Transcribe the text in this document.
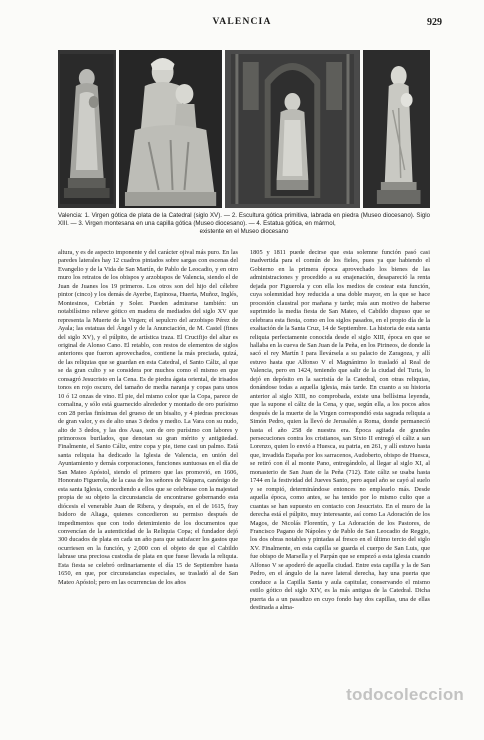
VALENCIA	929
Valencia: 1. Virgen gótica de plata de la Catedral (siglo XV). — 2. Escultura gótica primitiva, labrada en piedra (Museo diocesano). Siglo XIII. — 3. Virgen montesana en una capilla gótica (Museo diocesano). — 4. Estatua gótica, en mármol,
existente en el Museo diocesano
altura, y es de aspecto imponente y del carácter ojival más puro. En las paredes laterales hay 12 cuadros pintados sobre sargas con escenas del Evangelio y de la Vida de San Martín, de Pablo de Leocadio, y en otro muro los retratos de los obispos y arzobispos de Valencia, siendo el de Juan de Juanes los 19 primeros. Los otros son del hijo del célebre pintor (cinco) y los demás de Ayerbe, Espinosa, Huerta, Muñoz, Inglés, Montesinos, Cebrián y Soler. Pueden admirarse también: un notabilísimo relieve gótico en madera de mediados del siglo XV que representa la Muerte de la Virgen; el sepulcro del arzobispo Pérez de Ayala; las estatuas del Ángel y de la Anunciación, de M. Castel (fines del siglo XV), y el púlpito, de artística traza. El Crucifijo del altar es original de Alonso Cano. El retablo, con restos de elementos de siglos anteriores que fueron aprovechados, contiene la más preciada, quizá, de las reliquias que se guardan en esta Catedral, el Santo Cáliz, al que se da gran culto y se considera por muchos como el mismo en que consagró Jesucristo en la Cena. Es de piedra ágata oriental, de irisados tonos en rojo oscuro, del tamaño de media naranja y copas para unos 10 ó 12 onzas de vino. El pie, del mismo color que la Copa, parece de cornalina, y sólo está guarnecido alrededor y montado de oro purísimo con 28 perlas finísimas del grueso de un bisalto, y 4 piedras preciosas de gran valor, y es de alto unas 3 dedos y medio. La Vara con su nudo, alto de 3 dedos, y las dos Asas, son de oro purísimo con labores y primorosos burilados, que denotan su gran mérito y antigüedad. Finalmente, el Santo Cáliz, entre copa y pie, tiene casi un palmo. Está santa reliquia ha dedicado la Iglesia de Valencia, en unión del Ayuntamiento y demás corporaciones, funciones suntuosas en el día de San Mateo Apóstol, siendo el primero que las promovió, en 1606, Honorato Figuerola, de la casa de los señores de Náquera, canónigo de esta santa Iglesia, concediendo a ellos que se celebrase con la majestad propia de su objeto la circunstancia de encontrarse gobernando esta diócesis el venerable Juan de Ribera, y después, en el de 1615, fray Isidoro de Aliaga, quienes concedieron su permiso después de impedimentos que con todo detenimiento de los documentos que convencían de la autenticidad de la Reliquia Copa; el fundador dejó 300 ducados de plata en cada un año para que satisfacer los gastos que ocurriesen en la función, y 2,000 con el objeto de que el Cabildo labrase una preciosa custodia de plata en que fuese llevada la reliquia. Esta fiesta se celebró ordinariamente el día 15 de Septiembre hasta 1650, en que, por circunstancias especiales, se trasladó al de San Mateo Apóstol; pero en las ocurrencias de los años
1805 y 1811 puede decirse que esta solemne función pasó casi inadvertida para el común de los fieles, pues ya que habiendo el Gobierno en la primera época aprovechado los bienes de las administraciones y procedido a su enajenación, desapareció la renta dejada por Figuerola y con ella los medios de costear esta función, cuya solemnidad hoy reducida a una doble mayor, en la que se hace procesión claustral por mañana y tarde; más aun motivo de haberse suprimido la media fiesta de San Mateo, el Cabildo dispuso que se celebrara esta fiesta, como en los siglos pasados, en el propio día de la exaltación de la Santa Cruz, 14 de Septiembre. La historia de esta santa reliquia perfectamente conocida desde el siglo XIII, época en que se hallaba en la cueva de San Juan de la Peña, en los Pirineos, de donde la sacó el rey Martín I para llevársela a su palacio de Zaragoza, y allí estuvo hasta que Alfonso V el Magnánimo lo trasladó al Real de Valencia, pero en 1424, teniendo que salir de la ciudad del Turia, lo dejó en depósito en la sacristía de la Catedral, con otras reliquias, donándose todas a aquella iglesia, más tarde. En cuanto a su historia anterior al siglo XIII, no comprobada, existe una bellísima leyenda, que la supone el cáliz de la Cena, y que, según ella, a los pocos años después de la muerte de la Virgen correspondió esta sagrada reliquia a Simón Pedro, quien la llevó de Jerusalén a Roma, donde permaneció hasta el año 258 de nuestra era. Época agitada de grandes persecuciones contra los cristianos, san Sixto II entregó el cáliz a san Lorenzo, quien lo envió a Huesca, su patria, en 261, y allí estuvo hasta que, invadida España por los sarracenos, Audoberto, obispo de Huesca, se retiró con él al monte Pano, entregándolo, al llegar al siglo XI, al monasterio de San Juan de la Peña (712). Este cáliz se usaba hasta 1744 en la festividad del Jueves Santo, pero aquel año se cayó al suelo y se rompió, determinándose entonces no emplearlo más. Desde aquella época, como antes, se ha tenido por lo mismo culto que a cuantas se han supuesto en contacto con Jesucristo. En el muro de la derecha está el púlpito, muy interesante, así como La Adoración de los Magos, de Nicolás Florentín, y La Adoración de los Pastores, de Francisco Pagano de Nápoles y de Pablo de San Leocadio de Reggio, los dos obras notables y pintadas al fresco en el último tercio del siglo XV. Finalmente, en esta capilla se guarda el cuerpo de San Luis, que fue obispo de Marsella y el Parpán que se empezó a esta iglesia cuando Alfonso V se apoderó de aquella ciudad. Entre esta capilla y la de San Pedro, en el ángulo de la nave lateral derecha, hay una puerta que conduce a la Capilla Santa y aula capitular, conservando el mismo estilo gótico del siglo XIV, es la más antigua de la Catedral. Dicha puerta da a un pasadizo en cuyo fondo hay dos capillas, una de ellas destinada a alma-
todocoleccion
